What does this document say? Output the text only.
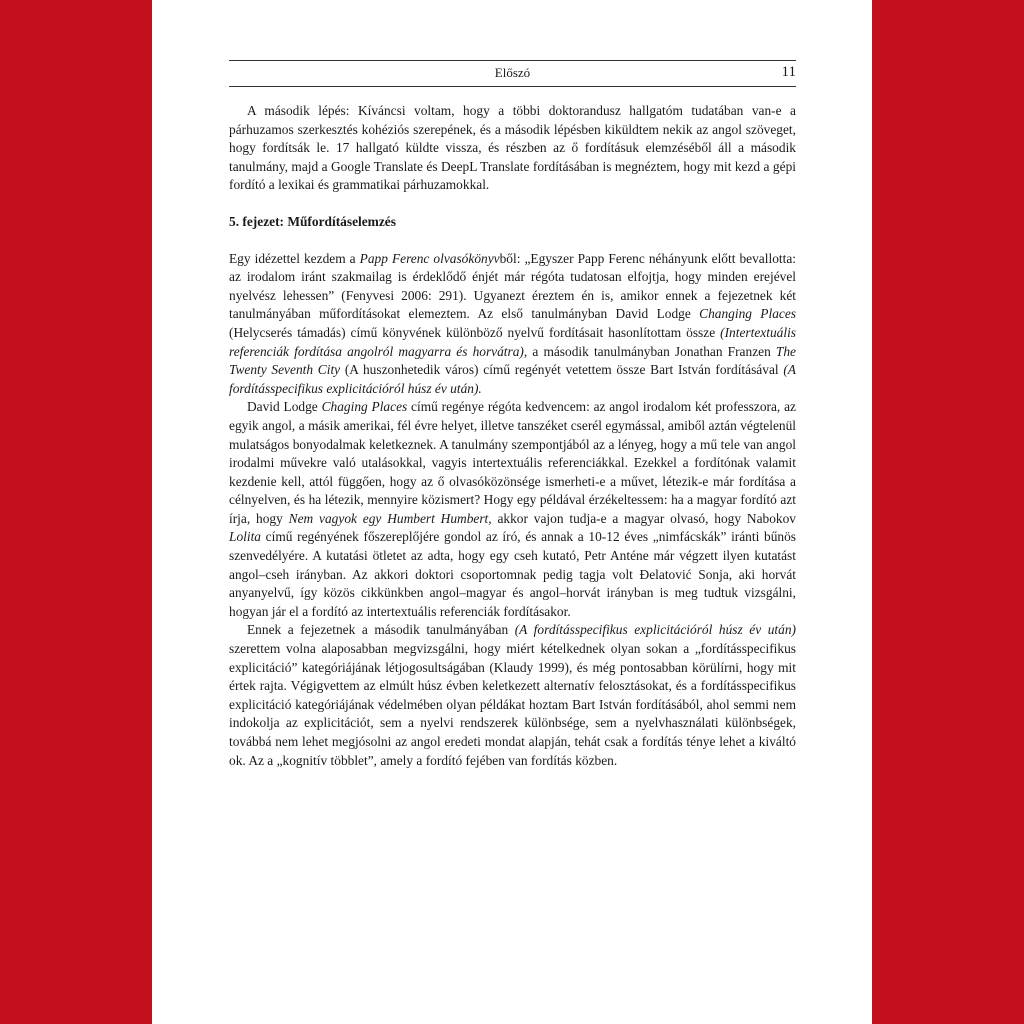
Előszó	11

A második lépés: Kíváncsi voltam, hogy a többi doktorandusz hallgatóm tudatában van-e a párhuzamos szerkesztés kohéziós szerepének, és a második lépésben kiküldtem nekik az angol szöveget, hogy fordítsák le. 17 hallgató küldte vissza, és részben az ő fordításuk elemzéséből áll a második tanulmány, majd a Google Translate és DeepL Translate fordításában is megnéztem, hogy mit kezd a gépi fordító a lexikai és grammatikai párhuzamokkal.

5. fejezet: Műfordításelemzés

Egy idézettel kezdem a Papp Ferenc olvasókönyvből: „Egyszer Papp Ferenc néhányunk előtt bevallotta: az irodalom iránt szakmailag is érdeklődő énjét már régóta tudatosan elfojtja, hogy minden erejével nyelvész lehessen” (Fenyvesi 2006: 291). Ugyanezt éreztem én is, amikor ennek a fejezetnek két tanulmányában műfordításokat elemeztem. Az első tanulmányban David Lodge Changing Places (Helycserés támadás) című könyvének különböző nyelvű fordításait hasonlítottam össze (Intertextuális referenciák fordítása angolról magyarra és horvátra), a második tanulmányban Jonathan Franzen The Twenty Seventh City (A huszonhetedik város) című regényét vetettem össze Bart István fordításával (A fordításspecifikus explicitációról húsz év után).

David Lodge Chaging Places című regénye régóta kedvencem: az angol irodalom két professzora, az egyik angol, a másik amerikai, fél évre helyet, illetve tanszéket cserél egymással, amiből aztán végtelenül mulatságos bonyodalmak keletkeznek. A tanulmány szempontjából az a lényeg, hogy a mű tele van angol irodalmi művekre való utalásokkal, vagyis intertextuális referenciákkal. Ezekkel a fordítónak valamit kezdenie kell, attól függően, hogy az ő olvasóközönsége ismerheti-e a művet, létezik-e már fordítása a célnyelven, és ha létezik, mennyire közismert? Hogy egy példával érzékeltessem: ha a magyar fordító azt írja, hogy Nem vagyok egy Humbert Humbert, akkor vajon tudja-e a magyar olvasó, hogy Nabokov Lolita című regényének főszereplőjére gondol az író, és annak a 10-12 éves „nimfácskák” iránti bűnös szenvedélyére. A kutatási ötletet az adta, hogy egy cseh kutató, Petr Anténe már végzett ilyen kutatást angol–cseh irányban. Az akkori doktori csoportomnak pedig tagja volt Đelatović Sonja, aki horvát anyanyelvű, így közös cikkünkben angol–magyar és angol–horvát irányban is meg tudtuk vizsgálni, hogyan jár el a fordító az intertextuális referenciák fordításakor.

Ennek a fejezetnek a második tanulmányában (A fordításspecifikus explicitációról húsz év után) szerettem volna alaposabban megvizsgálni, hogy miért kételkednek olyan sokan a „fordításspecifikus explicitáció” kategóriájának létjogosultságában (Klaudy 1999), és még pontosabban körülírni, hogy mit értek rajta. Végigvettem az elmúlt húsz évben keletkezett alternatív felosztásokat, és a fordításspecifikus explicitáció kategóriájának védelmében olyan példákat hoztam Bart István fordításából, ahol semmi nem indokolja az explicitációt, sem a nyelvi rendszerek különbsége, sem a nyelvhasználati különbségek, továbbá nem lehet megjósolni az angol eredeti mondat alapján, tehát csak a fordítás ténye lehet a kiváltó ok. Az a „kognitív többlet”, amely a fordító fejében van fordítás közben.
